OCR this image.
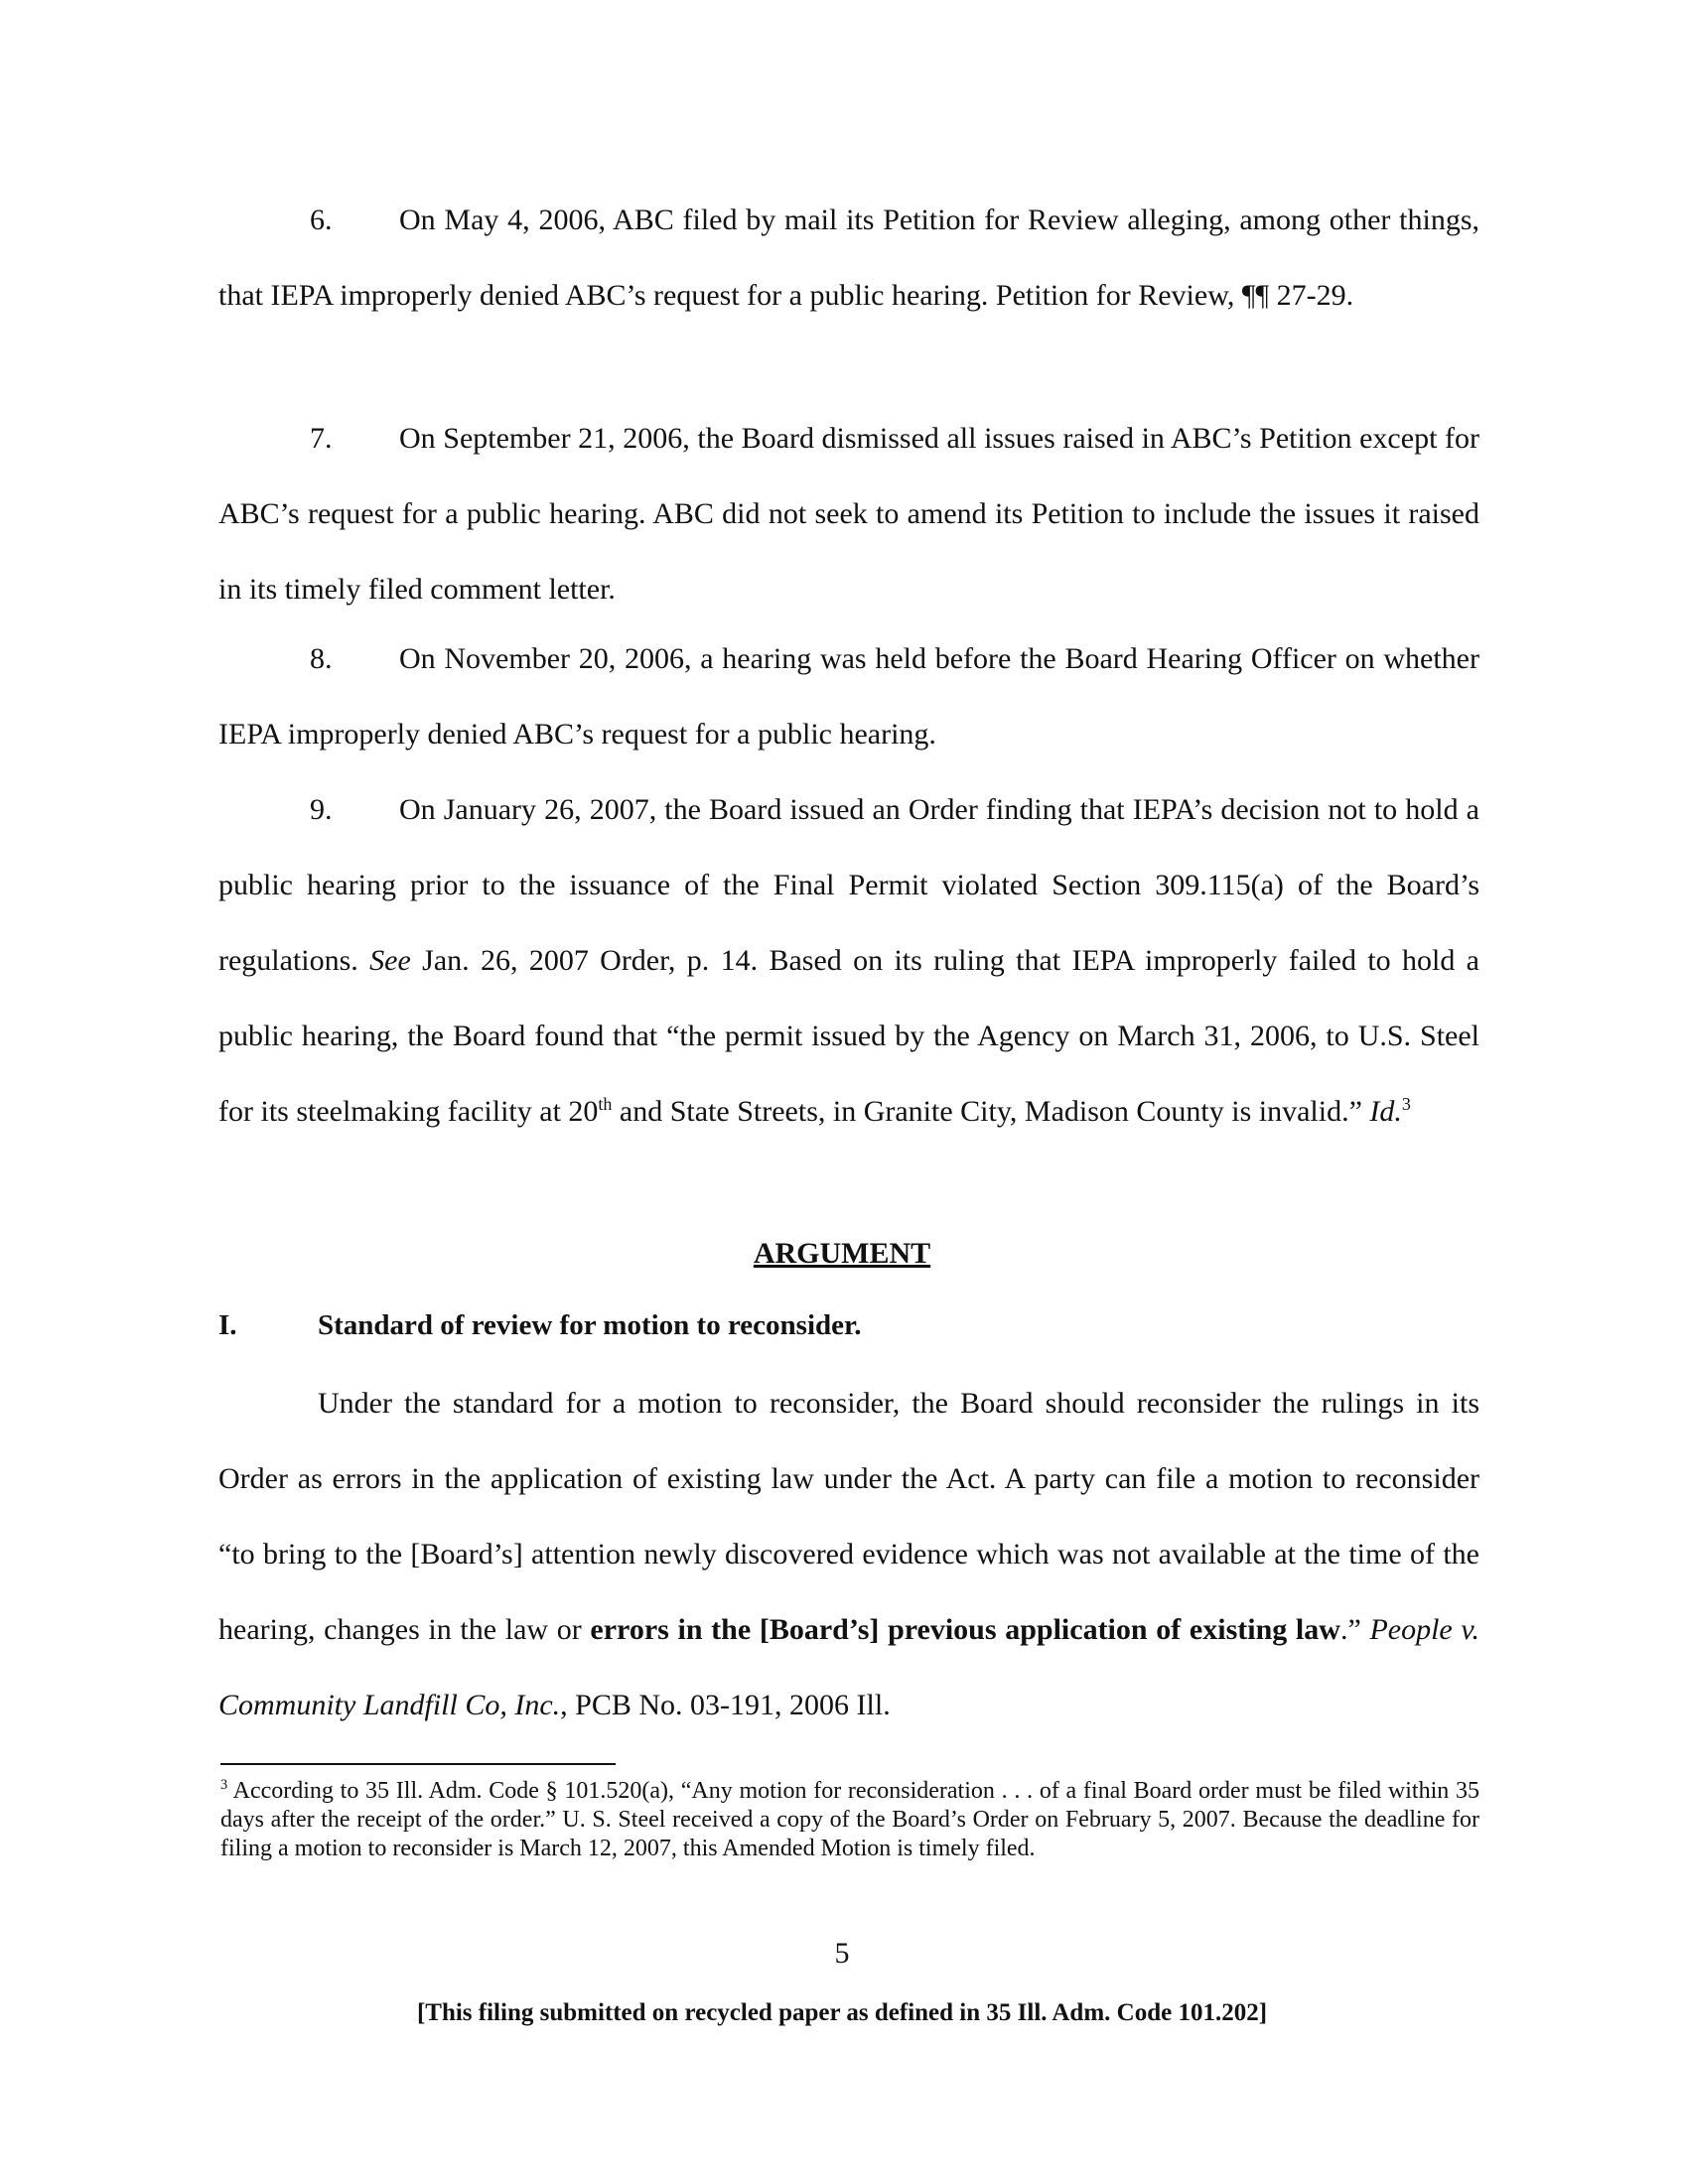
6. On May 4, 2006, ABC filed by mail its Petition for Review alleging, among other things, that IEPA improperly denied ABC’s request for a public hearing. Petition for Review, ¶¶ 27-29.

7. On September 21, 2006, the Board dismissed all issues raised in ABC’s Petition except for ABC’s request for a public hearing. ABC did not seek to amend its Petition to include the issues it raised in its timely filed comment letter.

8. On November 20, 2006, a hearing was held before the Board Hearing Officer on whether IEPA improperly denied ABC’s request for a public hearing.

9. On January 26, 2007, the Board issued an Order finding that IEPA’s decision not to hold a public hearing prior to the issuance of the Final Permit violated Section 309.115(a) of the Board’s regulations. See Jan. 26, 2007 Order, p. 14. Based on its ruling that IEPA improperly failed to hold a public hearing, the Board found that “the permit issued by the Agency on March 31, 2006, to U.S. Steel for its steelmaking facility at 20th and State Streets, in Granite City, Madison County is invalid.” Id.$^3$

ARGUMENT

I.	Standard of review for motion to reconsider.

Under the standard for a motion to reconsider, the Board should reconsider the rulings in its Order as errors in the application of existing law under the Act. A party can file a motion to reconsider “to bring to the [Board’s] attention newly discovered evidence which was not available at the time of the hearing, changes in the law or errors in the [Board’s] previous application of existing law.” People v. Community Landfill Co, Inc., PCB No. 03-191, 2006 Ill.

$^3$ According to 35 Ill. Adm. Code § 101.520(a), “Any motion for reconsideration . . . of a final Board order must be filed within 35 days after the receipt of the order.” U. S. Steel received a copy of the Board’s Order on February 5, 2007. Because the deadline for filing a motion to reconsider is March 12, 2007, this Amended Motion is timely filed.

5

[This filing submitted on recycled paper as defined in 35 Ill. Adm. Code 101.202]
